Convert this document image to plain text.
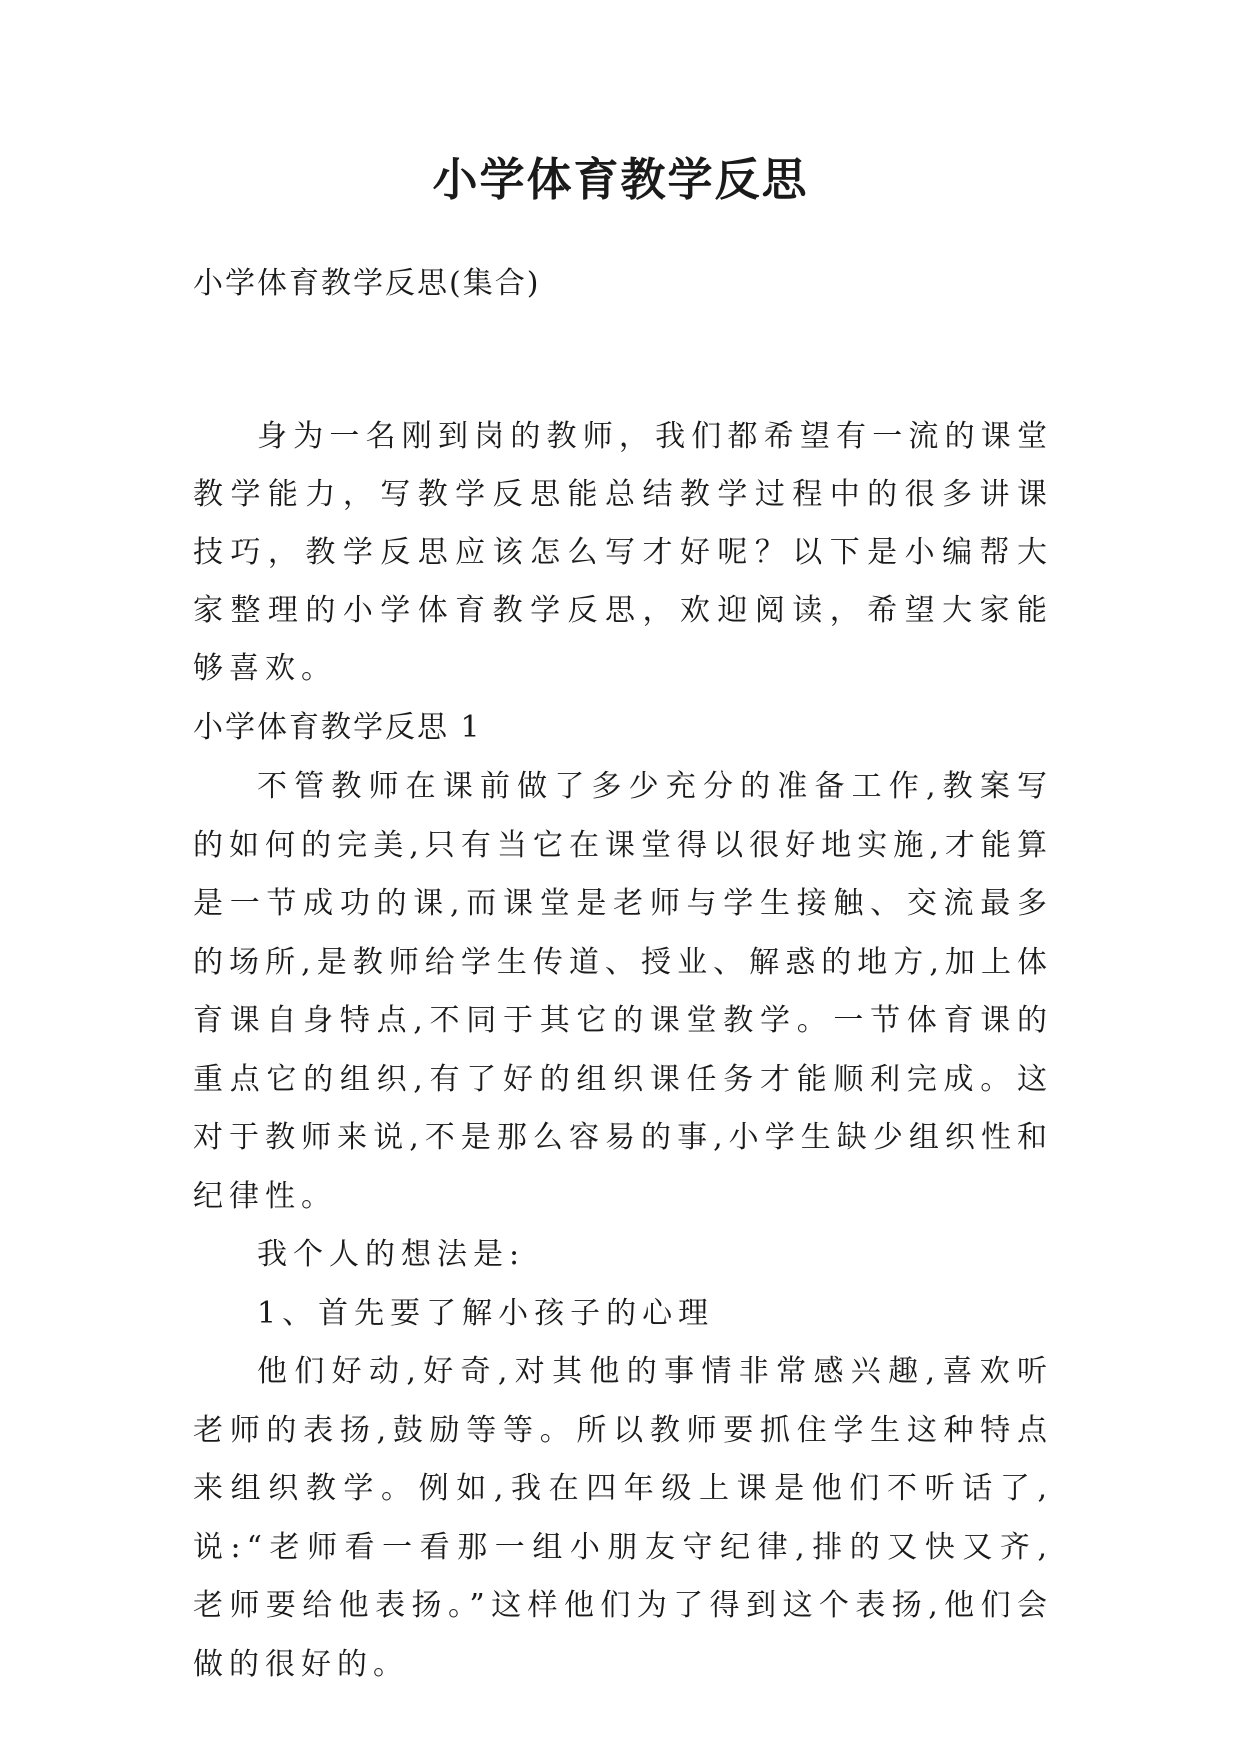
小学体育教学反思
小学体育教学反思(集合)

身为一名刚到岗的教师，我们都希望有一流的课堂教学能力，写教学反思能总结教学过程中的很多讲课技巧，教学反思应该怎么写才好呢？以下是小编帮大家整理的小学体育教学反思，欢迎阅读，希望大家能够喜欢。

小学体育教学反思 1

不管教师在课前做了多少充分的准备工作,教案写的如何的完美,只有当它在课堂得以很好地实施,才能算是一节成功的课,而课堂是老师与学生接触、交流最多的场所,是教师给学生传道、授业、解惑的地方,加上体育课自身特点,不同于其它的课堂教学。一节体育课的重点它的组织,有了好的组织课任务才能顺利完成。这对于教师来说,不是那么容易的事,小学生缺少组织性和纪律性。

我个人的想法是:

1、首先要了解小孩子的心理

他们好动,好奇,对其他的事情非常感兴趣,喜欢听老师的表扬,鼓励等等。所以教师要抓住学生这种特点来组织教学。例如,我在四年级上课是他们不听话了,说:“老师看一看那一组小朋友守纪律,排的又快又齐,老师要给他表扬。”这样他们为了得到这个表扬,他们会做的很好的。
